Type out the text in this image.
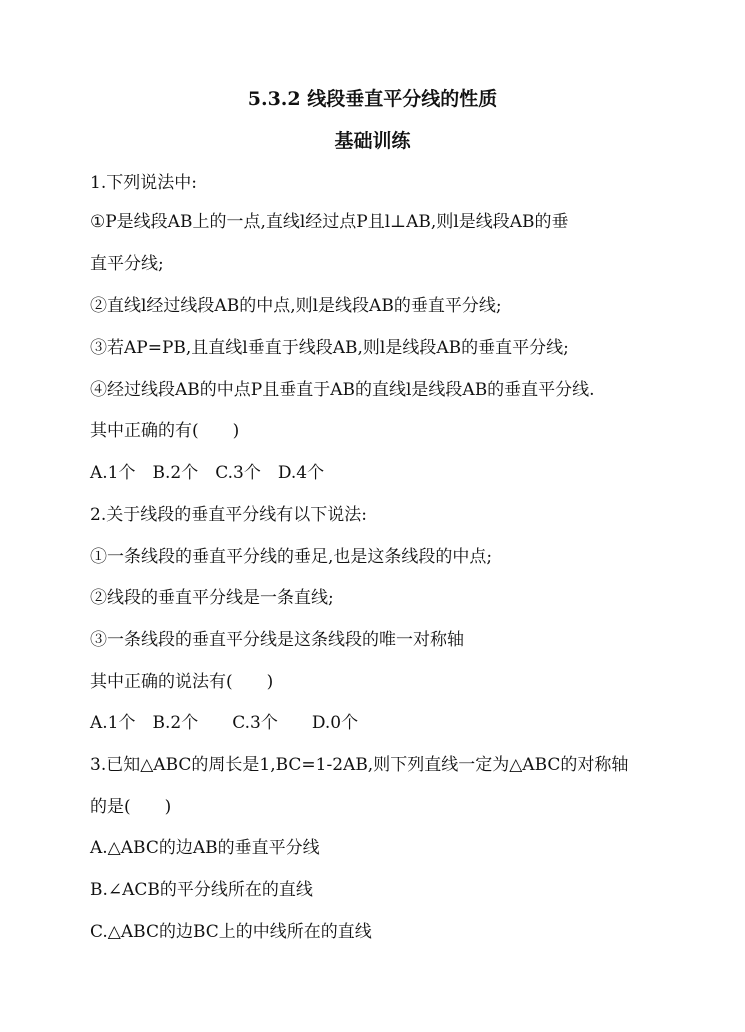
5.3.2 线段垂直平分线的性质
基础训练
1.下列说法中:
①P是线段AB上的一点,直线l经过点P且l⊥AB,则l是线段AB的垂
直平分线;
②直线l经过线段AB的中点,则l是线段AB的垂直平分线;
③若AP=PB,且直线l垂直于线段AB,则l是线段AB的垂直平分线;
④经过线段AB的中点P且垂直于AB的直线l是线段AB的垂直平分线.
其中正确的有(　　)
A.1个　B.2个　C.3个　D.4个
2.关于线段的垂直平分线有以下说法:
①一条线段的垂直平分线的垂足,也是这条线段的中点;
②线段的垂直平分线是一条直线;
③一条线段的垂直平分线是这条线段的唯一对称轴
其中正确的说法有(　　)
A.1个　B.2个　　C.3个　　D.0个
3.已知△ABC的周长是1,BC=1-2AB,则下列直线一定为△ABC的对称轴
的是(　　)
A.△ABC的边AB的垂直平分线
B.∠ACB的平分线所在的直线
C.△ABC的边BC上的中线所在的直线
